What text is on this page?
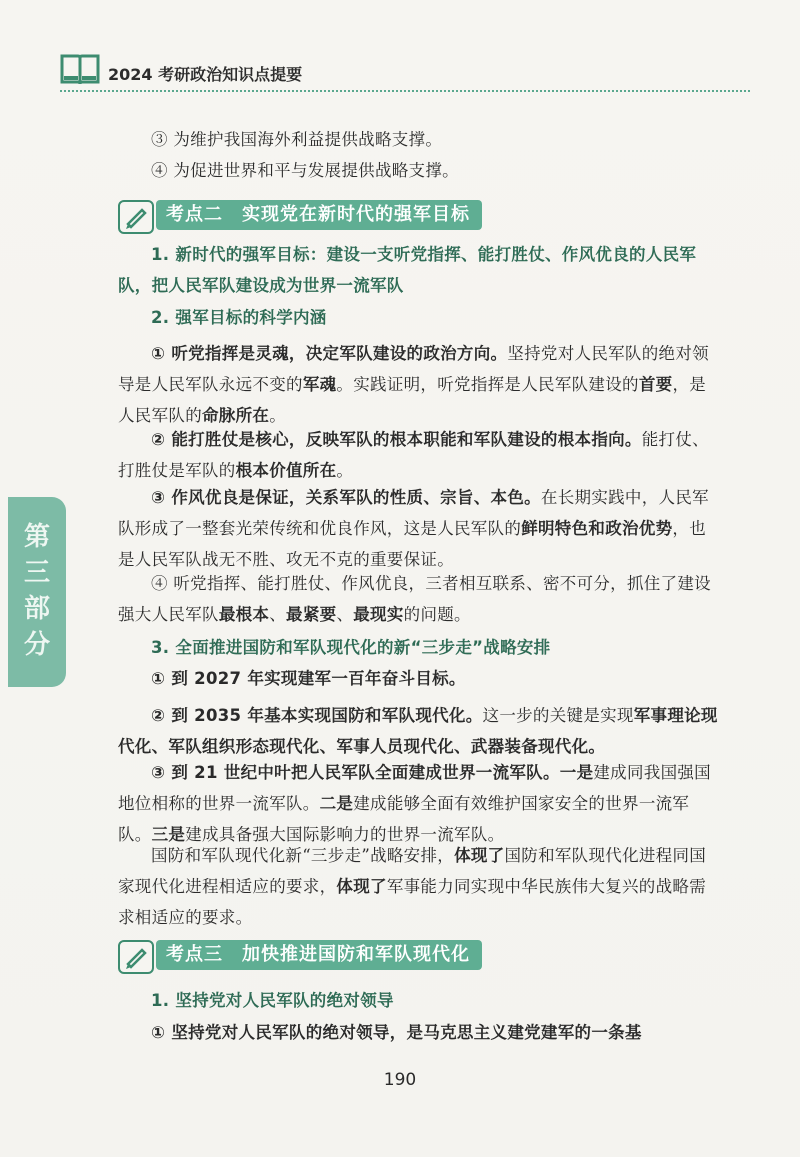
2024 考研政治知识点提要
第三部分
③ 为维护我国海外利益提供战略支撑。
④ 为促进世界和平与发展提供战略支撑。
考点二　实现党在新时代的强军目标
1. 新时代的强军目标：建设一支听党指挥、能打胜仗、作风优良的人民军队，把人民军队建设成为世界一流军队
2. 强军目标的科学内涵
① 听党指挥是灵魂，决定军队建设的政治方向。坚持党对人民军队的绝对领导是人民军队永远不变的军魂。实践证明，听党指挥是人民军队建设的首要，是人民军队的命脉所在。
② 能打胜仗是核心，反映军队的根本职能和军队建设的根本指向。能打仗、打胜仗是军队的根本价值所在。
③ 作风优良是保证，关系军队的性质、宗旨、本色。在长期实践中，人民军队形成了一整套光荣传统和优良作风，这是人民军队的鲜明特色和政治优势，也是人民军队战无不胜、攻无不克的重要保证。
④ 听党指挥、能打胜仗、作风优良，三者相互联系、密不可分，抓住了建设强大人民军队最根本、最紧要、最现实的问题。
3. 全面推进国防和军队现代化的新“三步走”战略安排
① 到 2027 年实现建军一百年奋斗目标。
② 到 2035 年基本实现国防和军队现代化。这一步的关键是实现军事理论现代化、军队组织形态现代化、军事人员现代化、武器装备现代化。
③ 到 21 世纪中叶把人民军队全面建成世界一流军队。一是建成同我国强国地位相称的世界一流军队。二是建成能够全面有效维护国家安全的世界一流军队。三是建成具备强大国际影响力的世界一流军队。
国防和军队现代化新“三步走”战略安排，体现了国防和军队现代化进程同国家现代化进程相适应的要求，体现了军事能力同实现中华民族伟大复兴的战略需求相适应的要求。
考点三　加快推进国防和军队现代化
1. 坚持党对人民军队的绝对领导
① 坚持党对人民军队的绝对领导，是马克思主义建党建军的一条基
190
